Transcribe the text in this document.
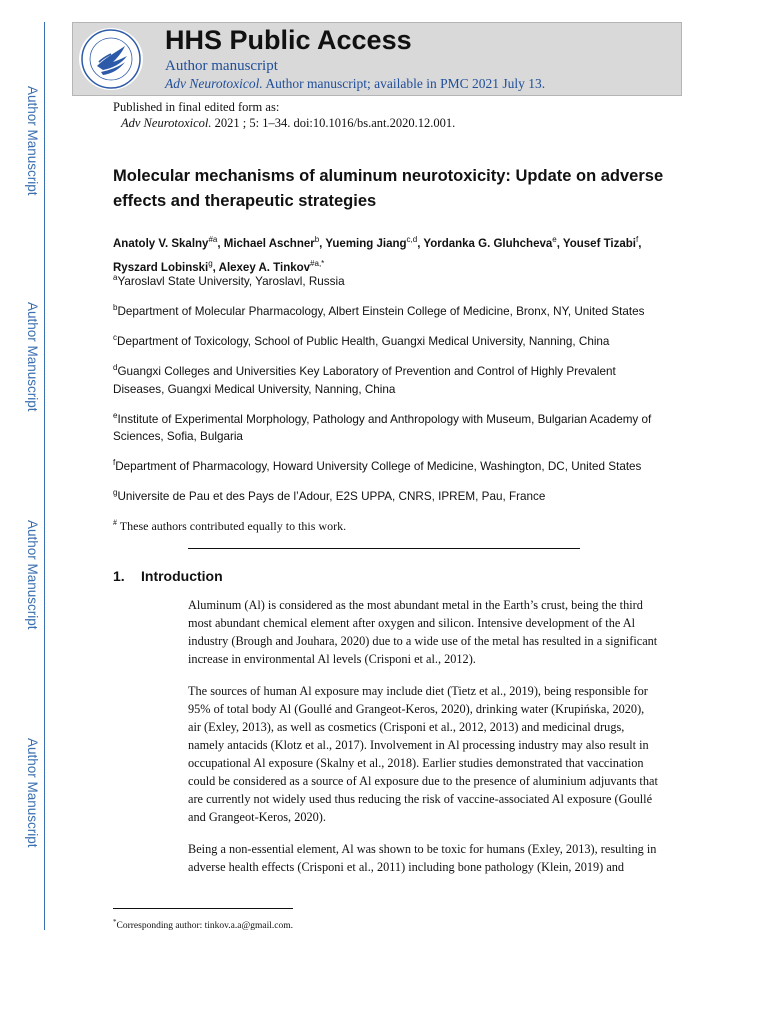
Author Manuscript
Author Manuscript
Author Manuscript
Author Manuscript
HHS Public Access
Author manuscript
Adv Neurotoxicol. Author manuscript; available in PMC 2021 July 13.
Published in final edited form as:
Adv Neurotoxicol. 2021 ; 5: 1–34. doi:10.1016/bs.ant.2020.12.001.
Molecular mechanisms of aluminum neurotoxicity: Update on adverse effects and therapeutic strategies
Anatoly V. Skalny$^{\#a}$, Michael Aschner$^b$, Yueming Jiang$^{c,d}$, Yordanka G. Gluhcheva$^e$, Yousef Tizabi$^f$, Ryszard Lobinski$^g$, Alexey A. Tinkov$^{\#a,*}$

$^a$Yaroslavl State University, Yaroslavl, Russia

$^b$Department of Molecular Pharmacology, Albert Einstein College of Medicine, Bronx, NY, United States

$^c$Department of Toxicology, School of Public Health, Guangxi Medical University, Nanning, China

$^d$Guangxi Colleges and Universities Key Laboratory of Prevention and Control of Highly Prevalent Diseases, Guangxi Medical University, Nanning, China

$^e$Institute of Experimental Morphology, Pathology and Anthropology with Museum, Bulgarian Academy of Sciences, Sofia, Bulgaria

$^f$Department of Pharmacology, Howard University College of Medicine, Washington, DC, United States

$^g$Universite de Pau et des Pays de l’Adour, E2S UPPA, CNRS, IPREM, Pau, France

# These authors contributed equally to this work.

1. Introduction

Aluminum (Al) is considered as the most abundant metal in the Earth’s crust, being the third most abundant chemical element after oxygen and silicon. Intensive development of the Al industry (Brough and Jouhara, 2020) due to a wide use of the metal has resulted in a significant increase in environmental Al levels (Crisponi et al., 2012).

The sources of human Al exposure may include diet (Tietz et al., 2019), being responsible for 95% of total body Al (Goullé and Grangeot-Keros, 2020), drinking water (Krupińska, 2020), air (Exley, 2013), as well as cosmetics (Crisponi et al., 2012, 2013) and medicinal drugs, namely antacids (Klotz et al., 2017). Involvement in Al processing industry may also result in occupational Al exposure (Skalny et al., 2018). Earlier studies demonstrated that vaccination could be considered as a source of Al exposure due to the presence of aluminium adjuvants that are currently not widely used thus reducing the risk of vaccine-associated Al exposure (Goullé and Grangeot-Keros, 2020).

Being a non-essential element, Al was shown to be toxic for humans (Exley, 2013), resulting in adverse health effects (Crisponi et al., 2011) including bone pathology (Klein, 2019) and

*Corresponding author: tinkov.a.a@gmail.com.
